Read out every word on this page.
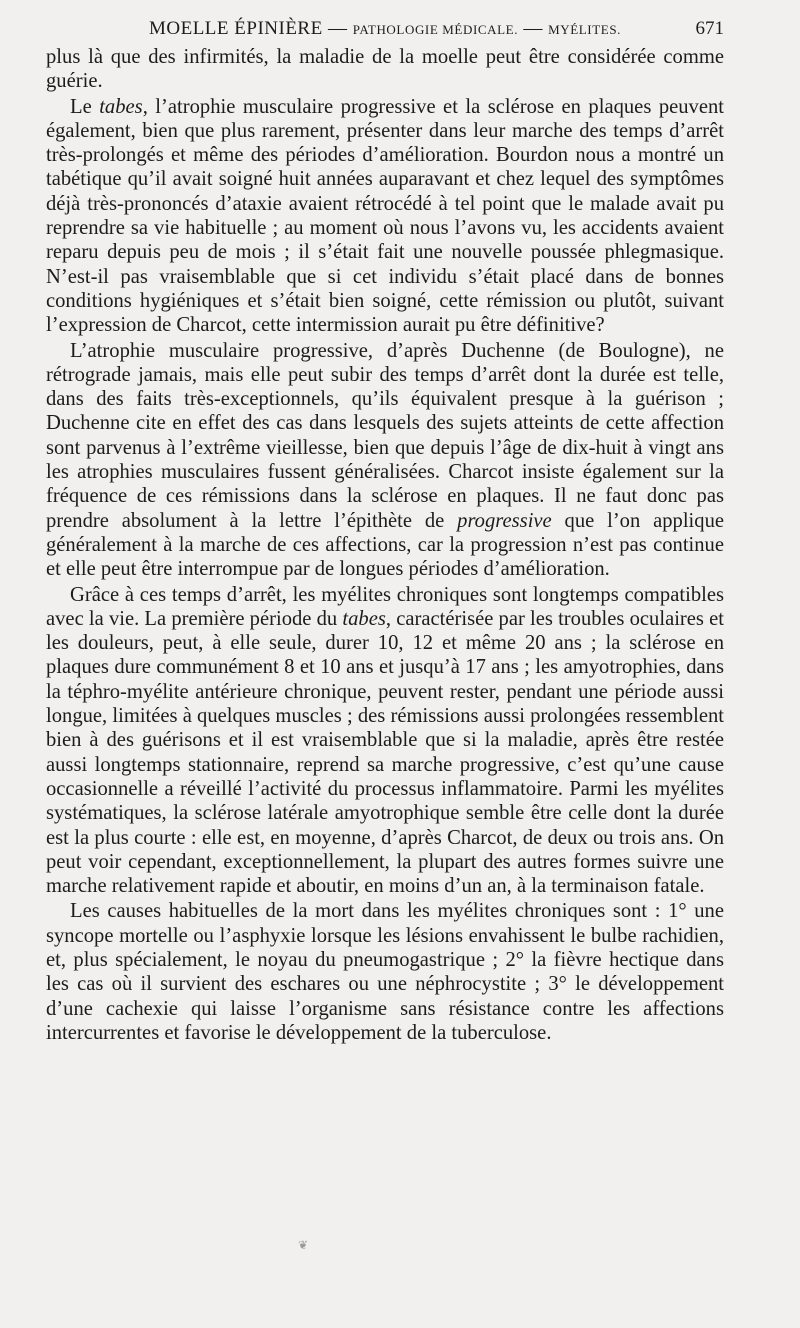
MOELLE ÉPINIÈRE — PATHOLOGIE MÉDICALE. — MYÉLITES.	671

plus là que des infirmités, la maladie de la moelle peut être considérée comme guérie.

Le tabes, l’atrophie musculaire progressive et la sclérose en plaques peuvent également, bien que plus rarement, présenter dans leur marche des temps d’arrêt très-prolongés et même des périodes d’amélioration. Bourdon nous a montré un tabétique qu’il avait soigné huit années auparavant et chez lequel des symptômes déjà très-prononcés d’ataxie avaient rétrocédé à tel point que le malade avait pu reprendre sa vie habituelle ; au moment où nous l’avons vu, les accidents avaient reparu depuis peu de mois ; il s’était fait une nouvelle poussée phlegmasique. N’est-il pas vraisemblable que si cet individu s’était placé dans de bonnes conditions hygiéniques et s’était bien soigné, cette rémission ou plutôt, suivant l’expression de Charcot, cette intermission aurait pu être définitive?

L’atrophie musculaire progressive, d’après Duchenne (de Boulogne), ne rétrograde jamais, mais elle peut subir des temps d’arrêt dont la durée est telle, dans des faits très-exceptionnels, qu’ils équivalent presque à la guérison ; Duchenne cite en effet des cas dans lesquels des sujets atteints de cette affection sont parvenus à l’extrême vieillesse, bien que depuis l’âge de dix-huit à vingt ans les atrophies musculaires fussent généralisées. Charcot insiste également sur la fréquence de ces rémissions dans la sclérose en plaques. Il ne faut donc pas prendre absolument à la lettre l’épithète de progressive que l’on applique généralement à la marche de ces affections, car la progression n’est pas continue et elle peut être interrompue par de longues périodes d’amélioration.

Grâce à ces temps d’arrêt, les myélites chroniques sont longtemps compatibles avec la vie. La première période du tabes, caractérisée par les troubles oculaires et les douleurs, peut, à elle seule, durer 10, 12 et même 20 ans ; la sclérose en plaques dure communément 8 et 10 ans et jusqu’à 17 ans ; les amyotrophies, dans la téphro-myélite antérieure chronique, peuvent rester, pendant une période aussi longue, limitées à quelques muscles ; des rémissions aussi prolongées ressemblent bien à des guérisons et il est vraisemblable que si la maladie, après être restée aussi longtemps stationnaire, reprend sa marche progressive, c’est qu’une cause occasionnelle a réveillé l’activité du processus inflammatoire. Parmi les myélites systématiques, la sclérose latérale amyotrophique semble être celle dont la durée est la plus courte : elle est, en moyenne, d’après Charcot, de deux ou trois ans. On peut voir cependant, exceptionnellement, la plupart des autres formes suivre une marche relativement rapide et aboutir, en moins d’un an, à la terminaison fatale.

Les causes habituelles de la mort dans les myélites chroniques sont : 1° une syncope mortelle ou l’asphyxie lorsque les lésions envahissent le bulbe rachidien, et, plus spécialement, le noyau du pneumogastrique ; 2° la fièvre hectique dans les cas où il survient des eschares ou une néphrocystite ; 3° le développement d’une cachexie qui laisse l’organisme sans résistance contre les affections intercurrentes et favorise le développement de la tuberculose.

❦
